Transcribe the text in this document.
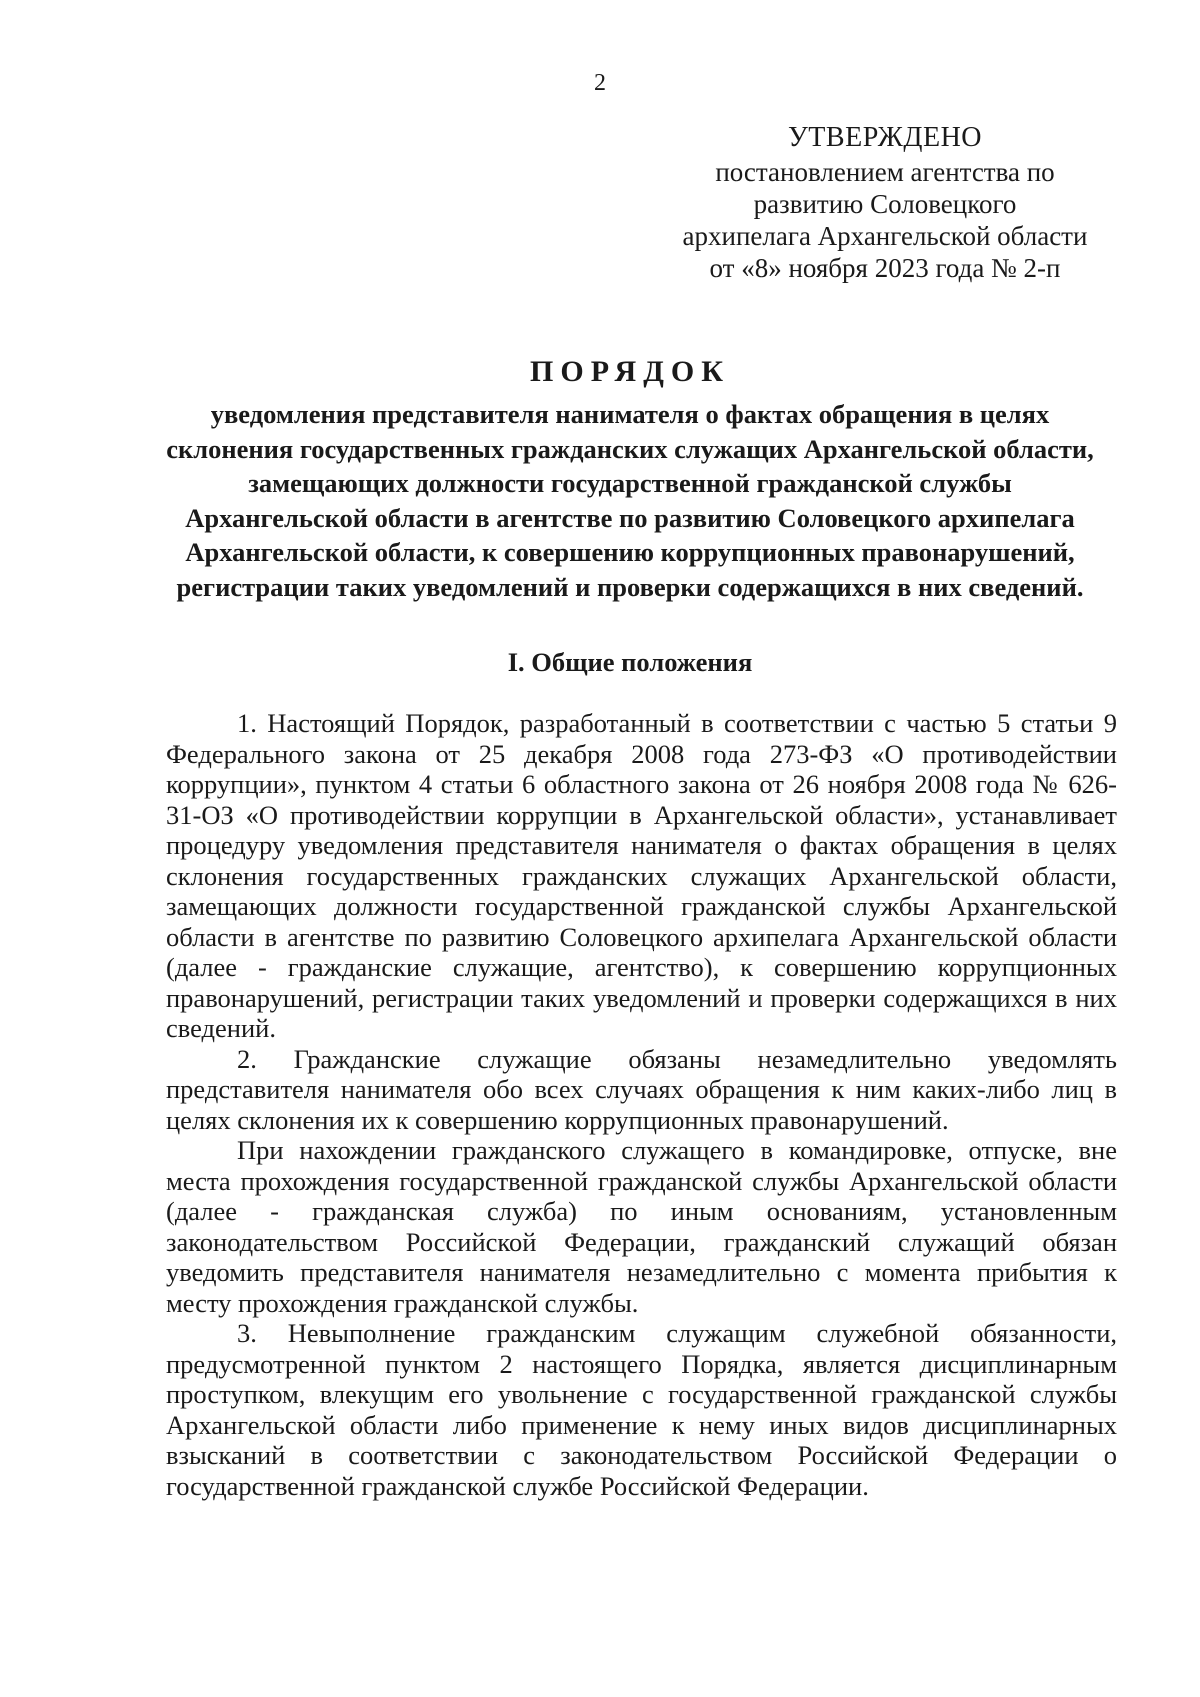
2
УТВЕРЖДЕНО
постановлением агентства по
развитию Соловецкого
архипелага Архангельской области
от «8» ноября 2023 года № 2-п
ПОРЯДОК
уведомления представителя нанимателя о фактах обращения в целях склонения государственных гражданских служащих Архангельской области, замещающих должности государственной гражданской службы Архангельской области в агентстве по развитию Соловецкого архипелага Архангельской области, к совершению коррупционных правонарушений, регистрации таких уведомлений и проверки содержащихся в них сведений.
I. Общие положения

1. Настоящий Порядок, разработанный в соответствии с частью 5 статьи 9 Федерального закона от 25 декабря 2008 года 273-ФЗ «О противодействии коррупции», пунктом 4 статьи 6 областного закона от 26 ноября 2008 года № 626-31-ОЗ «О противодействии коррупции в Архангельской области», устанавливает процедуру уведомления представителя нанимателя о фактах обращения в целях склонения государственных гражданских служащих Архангельской области, замещающих должности государственной гражданской службы Архангельской области в агентстве по развитию Соловецкого архипелага Архангельской области (далее - гражданские служащие, агентство), к совершению коррупционных правонарушений, регистрации таких уведомлений и проверки содержащихся в них сведений.

2. Гражданские служащие обязаны незамедлительно уведомлять представителя нанимателя обо всех случаях обращения к ним каких-либо лиц в целях склонения их к совершению коррупционных правонарушений.

При нахождении гражданского служащего в командировке, отпуске, вне места прохождения государственной гражданской службы Архангельской области (далее - гражданская служба) по иным основаниям, установленным законодательством Российской Федерации, гражданский служащий обязан уведомить представителя нанимателя незамедлительно с момента прибытия к месту прохождения гражданской службы.

3. Невыполнение гражданским служащим служебной обязанности, предусмотренной пунктом 2 настоящего Порядка, является дисциплинарным проступком, влекущим его увольнение с государственной гражданской службы Архангельской области либо применение к нему иных видов дисциплинарных взысканий в соответствии с законодательством Российской Федерации о государственной гражданской службе Российской Федерации.
